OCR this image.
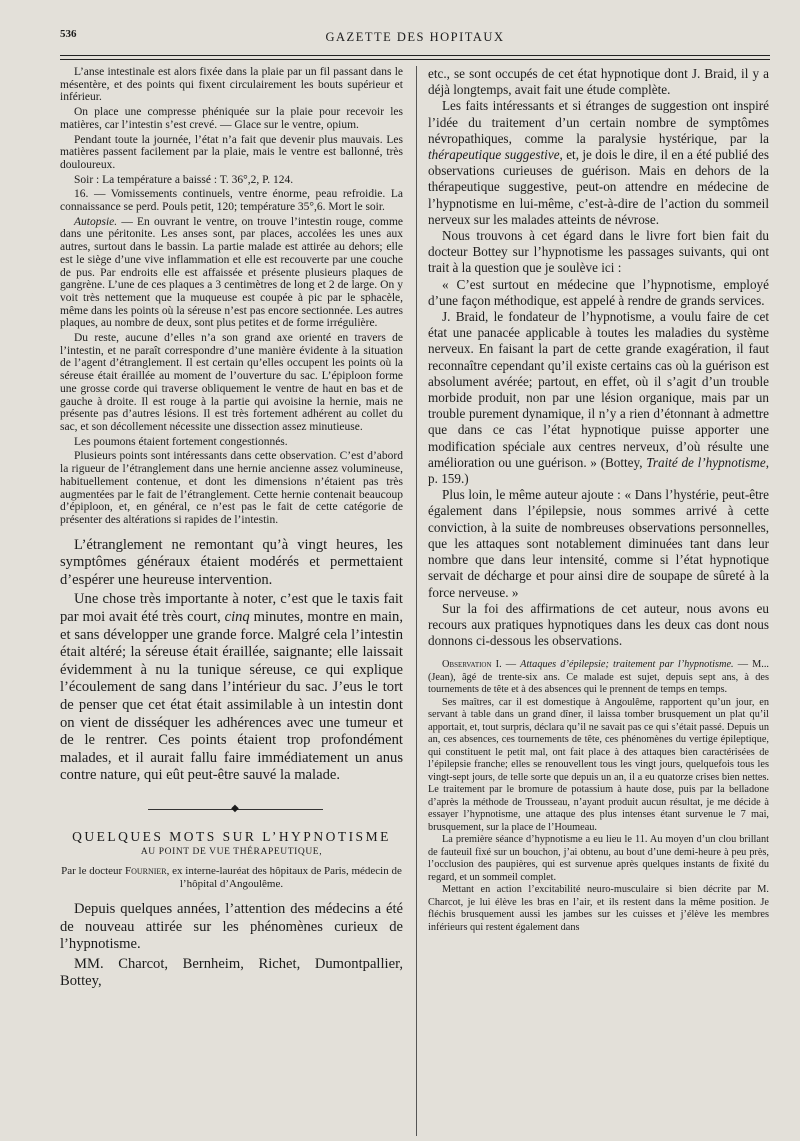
536	GAZETTE DES HOPITAUX

L’anse intestinale est alors fixée dans la plaie par un fil passant dans le mésentère, et des points qui fixent circulairement les bouts supérieur et inférieur.

On place une compresse phéniquée sur la plaie pour recevoir les matières, car l’intestin s’est crevé. — Glace sur le ventre, opium.

Pendant toute la journée, l’état n’a fait que devenir plus mauvais. Les matières passent facilement par la plaie, mais le ventre est ballonné, très douloureux.

Soir : La température a baissé : T. 36°,2, P. 124.

16. — Vomissements continuels, ventre énorme, peau refroidie. La connaissance se perd. Pouls petit, 120; température 35°,6. Mort le soir.

Autopsie. — En ouvrant le ventre, on trouve l’intestin rouge, comme dans une péritonite. Les anses sont, par places, accolées les unes aux autres, surtout dans le bassin. La partie malade est attirée au dehors; elle est le siège d’une vive inflammation et elle est recouverte par une couche de pus. Par endroits elle est affaissée et présente plusieurs plaques de gangrène. L’une de ces plaques a 3 centimètres de long et 2 de large. On y voit très nettement que la muqueuse est coupée à pic par le sphacèle, même dans les points où la séreuse n’est pas encore sectionnée. Les autres plaques, au nombre de deux, sont plus petites et de forme irrégulière.

Du reste, aucune d’elles n’a son grand axe orienté en travers de l’intestin, et ne paraît correspondre d’une manière évidente à la situation de l’agent d’étranglement. Il est certain qu’elles occupent les points où la séreuse était éraillée au moment de l’ouverture du sac. L’épiploon forme une grosse corde qui traverse obliquement le ventre de haut en bas et de gauche à droite. Il est rouge à la partie qui avoisine la hernie, mais ne présente pas d’autres lésions. Il est très fortement adhérent au collet du sac, et son décollement nécessite une dissection assez minutieuse.

Les poumons étaient fortement congestionnés.

Plusieurs points sont intéressants dans cette observation. C’est d’abord la rigueur de l’étranglement dans une hernie ancienne assez volumineuse, habituellement contenue, et dont les dimensions n’étaient pas très augmentées par le fait de l’étranglement. Cette hernie contenait beaucoup d’épiploon, et, en général, ce n’est pas le fait de cette catégorie de présenter des altérations si rapides de l’intestin.

L’étranglement ne remontant qu’à vingt heures, les symptômes généraux étaient modérés et permettaient d’espérer une heureuse intervention.

Une chose très importante à noter, c’est que le taxis fait par moi avait été très court, cinq minutes, montre en main, et sans développer une grande force. Malgré cela l’intestin était altéré; la séreuse était éraillée, saignante; elle laissait évidemment à nu la tunique séreuse, ce qui explique l’écoulement de sang dans l’intérieur du sac. J’eus le tort de penser que cet état était assimilable à un intestin dont on vient de disséquer les adhérences avec une tumeur et de le rentrer. Ces points étaient trop profondément malades, et il aurait fallu faire immédiatement un anus contre nature, qui eût peut-être sauvé la malade.

◆

QUELQUES MOTS SUR L’HYPNOTISME

AU POINT DE VUE THÉRAPEUTIQUE,

Par le docteur Fournier, ex interne-lauréat des hôpitaux de Paris, médecin de l’hôpital d’Angoulême.

Depuis quelques années, l’attention des médecins a été de nouveau attirée sur les phénomènes curieux de l’hypnotisme.

MM. Charcot, Bernheim, Richet, Dumontpallier, Bottey,

etc., se sont occupés de cet état hypnotique dont J. Braid, il y a déjà longtemps, avait fait une étude complète.

Les faits intéressants et si étranges de suggestion ont inspiré l’idée du traitement d’un certain nombre de symptômes névropathiques, comme la paralysie hystérique, par la thérapeutique suggestive, et, je dois le dire, il en a été publié des observations curieuses de guérison. Mais en dehors de la thérapeutique suggestive, peut-on attendre en médecine de l’hypnotisme en lui-même, c’est-à-dire de l’action du sommeil nerveux sur les malades atteints de névrose.

Nous trouvons à cet égard dans le livre fort bien fait du docteur Bottey sur l’hypnotisme les passages suivants, qui ont trait à la question que je soulève ici :

« C’est surtout en médecine que l’hypnotisme, employé d’une façon méthodique, est appelé à rendre de grands services.

J. Braid, le fondateur de l’hypnotisme, a voulu faire de cet état une panacée applicable à toutes les maladies du système nerveux. En faisant la part de cette grande exagération, il faut reconnaître cependant qu’il existe certains cas où la guérison est absolument avérée; partout, en effet, où il s’agit d’un trouble morbide produit, non par une lésion organique, mais par un trouble purement dynamique, il n’y a rien d’étonnant à admettre que dans ce cas l’état hypnotique puisse apporter une modification spéciale aux centres nerveux, d’où résulte une amélioration ou une guérison. » (Bottey, Traité de l’hypnotisme, p. 159.)

Plus loin, le même auteur ajoute : « Dans l’hystérie, peut-être également dans l’épilepsie, nous sommes arrivé à cette conviction, à la suite de nombreuses observations personnelles, que les attaques sont notablement diminuées tant dans leur nombre que dans leur intensité, comme si l’état hypnotique servait de décharge et pour ainsi dire de soupape de sûreté à la force nerveuse. »

Sur la foi des affirmations de cet auteur, nous avons eu recours aux pratiques hypnotiques dans les deux cas dont nous donnons ci-dessous les observations.

Observation I. — Attaques d’épilepsie; traitement par l’hypnotisme. — M... (Jean), âgé de trente-six ans. Ce malade est sujet, depuis sept ans, à des tournements de tête et à des absences qui le prennent de temps en temps.

Ses maîtres, car il est domestique à Angoulême, rapportent qu’un jour, en servant à table dans un grand dîner, il laissa tomber brusquement un plat qu’il apportait, et, tout surpris, déclara qu’il ne savait pas ce qui s’était passé. Depuis un an, ces absences, ces tournements de tête, ces phénomènes du vertige épileptique, qui constituent le petit mal, ont fait place à des attaques bien caractérisées de l’épilepsie franche; elles se renouvellent tous les vingt jours, quelquefois tous les vingt-sept jours, de telle sorte que depuis un an, il a eu quatorze crises bien nettes. Le traitement par le bromure de potassium à haute dose, puis par la belladone d’après la méthode de Trousseau, n’ayant produit aucun résultat, je me décide à essayer l’hypnotisme, une attaque des plus intenses étant survenue le 7 mai, brusquement, sur la place de l’Houmeau.

La première séance d’hypnotisme a eu lieu le 11. Au moyen d’un clou brillant de fauteuil fixé sur un bouchon, j’ai obtenu, au bout d’une demi-heure à peu près, l’occlusion des paupières, qui est survenue après quelques instants de fixité du regard, et un sommeil complet.

Mettant en action l’excitabilité neuro-musculaire si bien décrite par M. Charcot, je lui élève les bras en l’air, et ils restent dans la même position. Je fléchis brusquement aussi les jambes sur les cuisses et j’élève les membres inférieurs qui restent également dans
